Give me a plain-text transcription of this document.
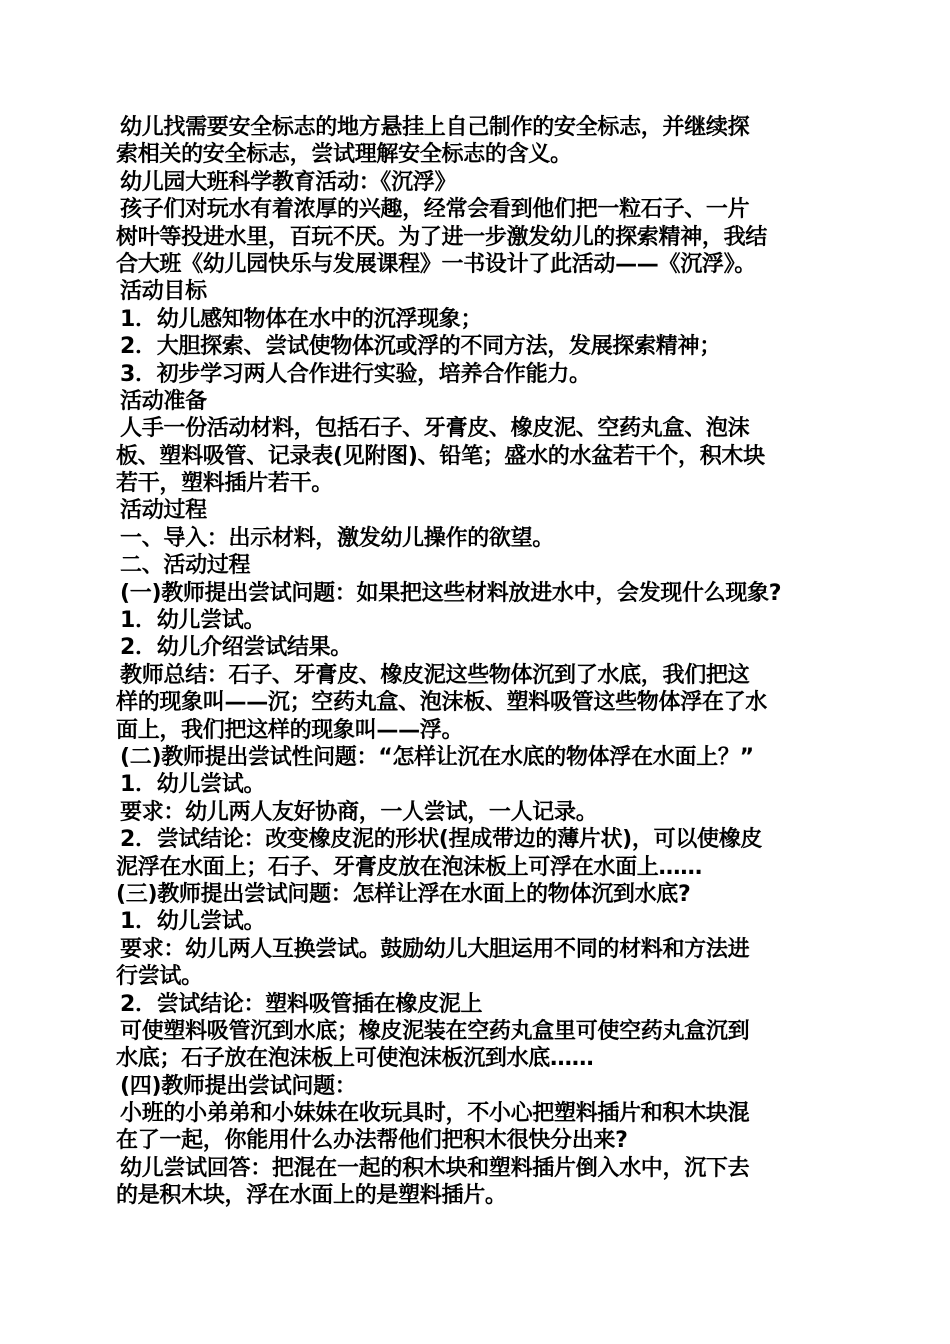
幼儿找需要安全标志的地方悬挂上自己制作的安全标志，并继续探
索相关的安全标志，尝试理解安全标志的含义。
幼儿园大班科学教育活动：《沉浮》
孩子们对玩水有着浓厚的兴趣，经常会看到他们把一粒石子、一片
树叶等投进水里，百玩不厌。为了进一步激发幼儿的探索精神，我结
合大班《幼儿园快乐与发展课程》一书设计了此活动——《沉浮》。
活动目标
1．幼儿感知物体在水中的沉浮现象；
2．大胆探索、尝试使物体沉或浮的不同方法，发展探索精神；
3．初步学习两人合作进行实验，培养合作能力。
活动准备
人手一份活动材料，包括石子、牙膏皮、橡皮泥、空药丸盒、泡沫
板、塑料吸管、记录表(见附图)、铅笔；盛水的水盆若干个，积木块
若干，塑料插片若干。
活动过程
一、导入：出示材料，激发幼儿操作的欲望。
二、活动过程
(一)教师提出尝试问题：如果把这些材料放进水中，会发现什么现象?
1．幼儿尝试。
2．幼儿介绍尝试结果。
教师总结：石子、牙膏皮、橡皮泥这些物体沉到了水底，我们把这
样的现象叫——沉；空药丸盒、泡沫板、塑料吸管这些物体浮在了水
面上，我们把这样的现象叫——浮。
(二)教师提出尝试性问题：“怎样让沉在水底的物体浮在水面上？”
1．幼儿尝试。
要求：幼儿两人友好协商，一人尝试，一人记录。
2．尝试结论：改变橡皮泥的形状(捏成带边的薄片状)，可以使橡皮
泥浮在水面上；石子、牙膏皮放在泡沫板上可浮在水面上……
(三)教师提出尝试问题：怎样让浮在水面上的物体沉到水底?
1．幼儿尝试。
要求：幼儿两人互换尝试。鼓励幼儿大胆运用不同的材料和方法进
行尝试。
2．尝试结论：塑料吸管插在橡皮泥上
可使塑料吸管沉到水底；橡皮泥装在空药丸盒里可使空药丸盒沉到
水底；石子放在泡沫板上可使泡沫板沉到水底……
(四)教师提出尝试问题：
小班的小弟弟和小妹妹在收玩具时，不小心把塑料插片和积木块混
在了一起，你能用什么办法帮他们把积木很快分出来?
幼儿尝试回答：把混在一起的积木块和塑料插片倒入水中，沉下去
的是积木块，浮在水面上的是塑料插片。
